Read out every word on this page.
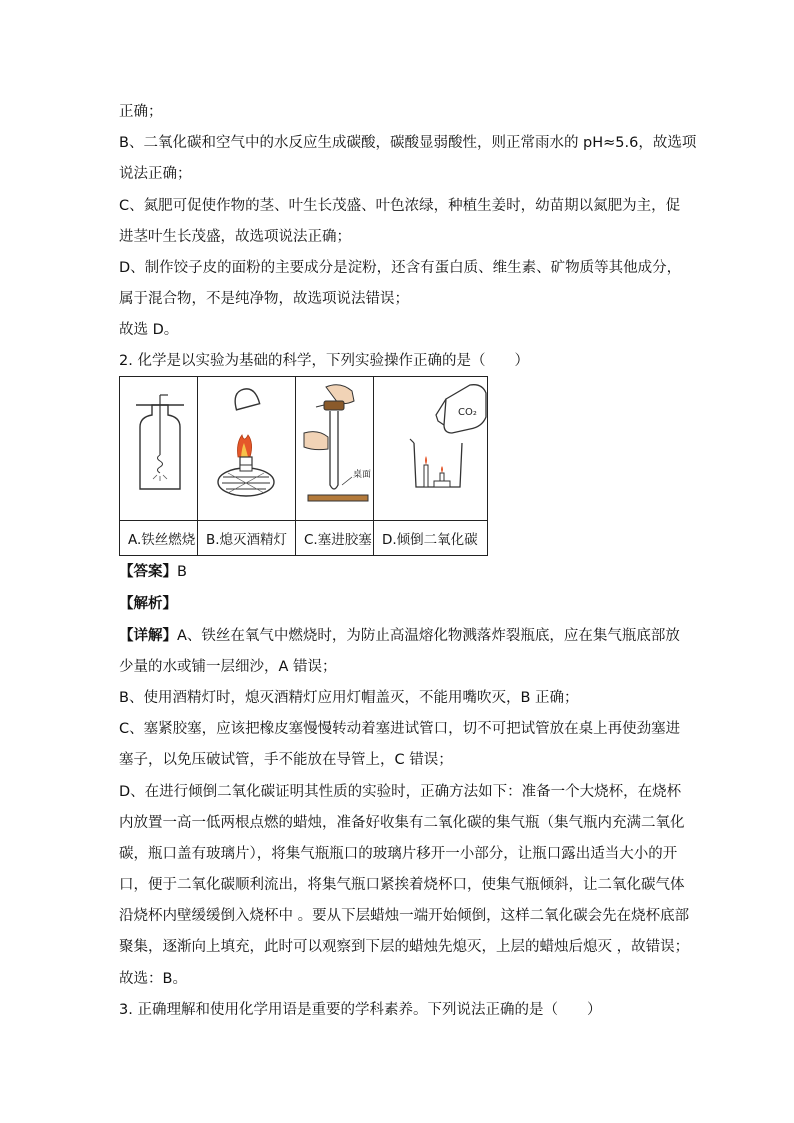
正确；
B、二氧化碳和空气中的水反应生成碳酸，碳酸显弱酸性，则正常雨水的 pH≈5.6，故选项
说法正确；
C、氮肥可促使作物的茎、叶生长茂盛、叶色浓绿，种植生姜时，幼苗期以氮肥为主，促
进茎叶生长茂盛，故选项说法正确；
D、制作饺子皮的面粉的主要成分是淀粉，还含有蛋白质、维生素、矿物质等其他成分，
属于混合物，不是纯净物，故选项说法错误；
故选 D。
2. 化学是以实验为基础的科学，下列实验操作正确的是（　　）

桌面	CO₂

A.铁丝燃烧	B.熄灭酒精灯	C.塞进胶塞	D.倾倒二氧化碳
【答案】B
【解析】
【详解】A、铁丝在氧气中燃烧时，为防止高温熔化物溅落炸裂瓶底，应在集气瓶底部放
少量的水或铺一层细沙，A 错误；
B、使用酒精灯时，熄灭酒精灯应用灯帽盖灭，不能用嘴吹灭，B 正确；
C、塞紧胶塞，应该把橡皮塞慢慢转动着塞进试管口，切不可把试管放在桌上再使劲塞进
塞子，以免压破试管，手不能放在导管上，C 错误；
D、在进行倾倒二氧化碳证明其性质的实验时，正确方法如下：准备一个大烧杯，在烧杯
内放置一高一低两根点燃的蜡烛，准备好收集有二氧化碳的集气瓶（集气瓶内充满二氧化
碳，瓶口盖有玻璃片），将集气瓶瓶口的玻璃片移开一小部分，让瓶口露出适当大小的开
口，便于二氧化碳顺利流出，将集气瓶口紧挨着烧杯口，使集气瓶倾斜，让二氧化碳气体
沿烧杯内壁缓缓倒入烧杯中 。要从下层蜡烛一端开始倾倒，这样二氧化碳会先在烧杯底部
聚集，逐渐向上填充，此时可以观察到下层的蜡烛先熄灭，上层的蜡烛后熄灭 ，故错误；
故选：B。
3. 正确理解和使用化学用语是重要的学科素养。下列说法正确的是（　　）
